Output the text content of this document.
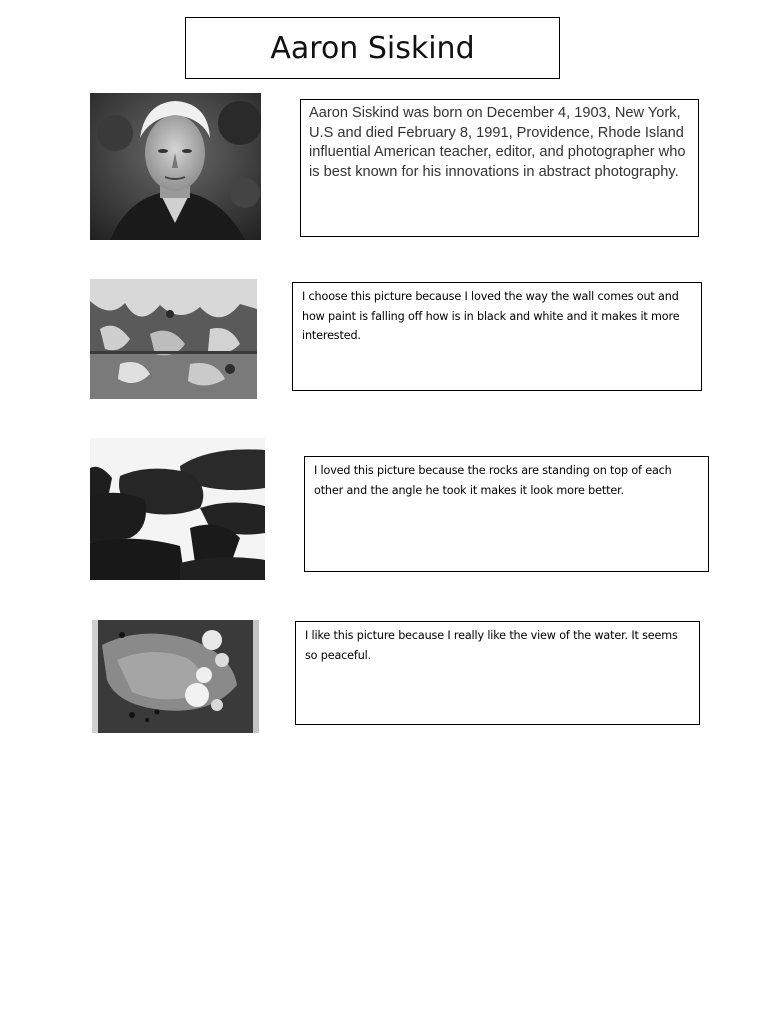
Aaron Siskind

Aaron Siskind was born on December 4, 1903, New York, U.S and died February 8, 1991, Providence, Rhode Island influential American teacher, editor, and photographer who is best known for his innovations in abstract photography.

I choose this picture because I loved the way the wall comes out and how paint is falling off how is in black and white and it makes it more interested.

I loved this picture because the rocks are standing on top of each other and the angle he took it makes it look more better.

I like this picture because I really like the view of the water. It seems so peaceful.
